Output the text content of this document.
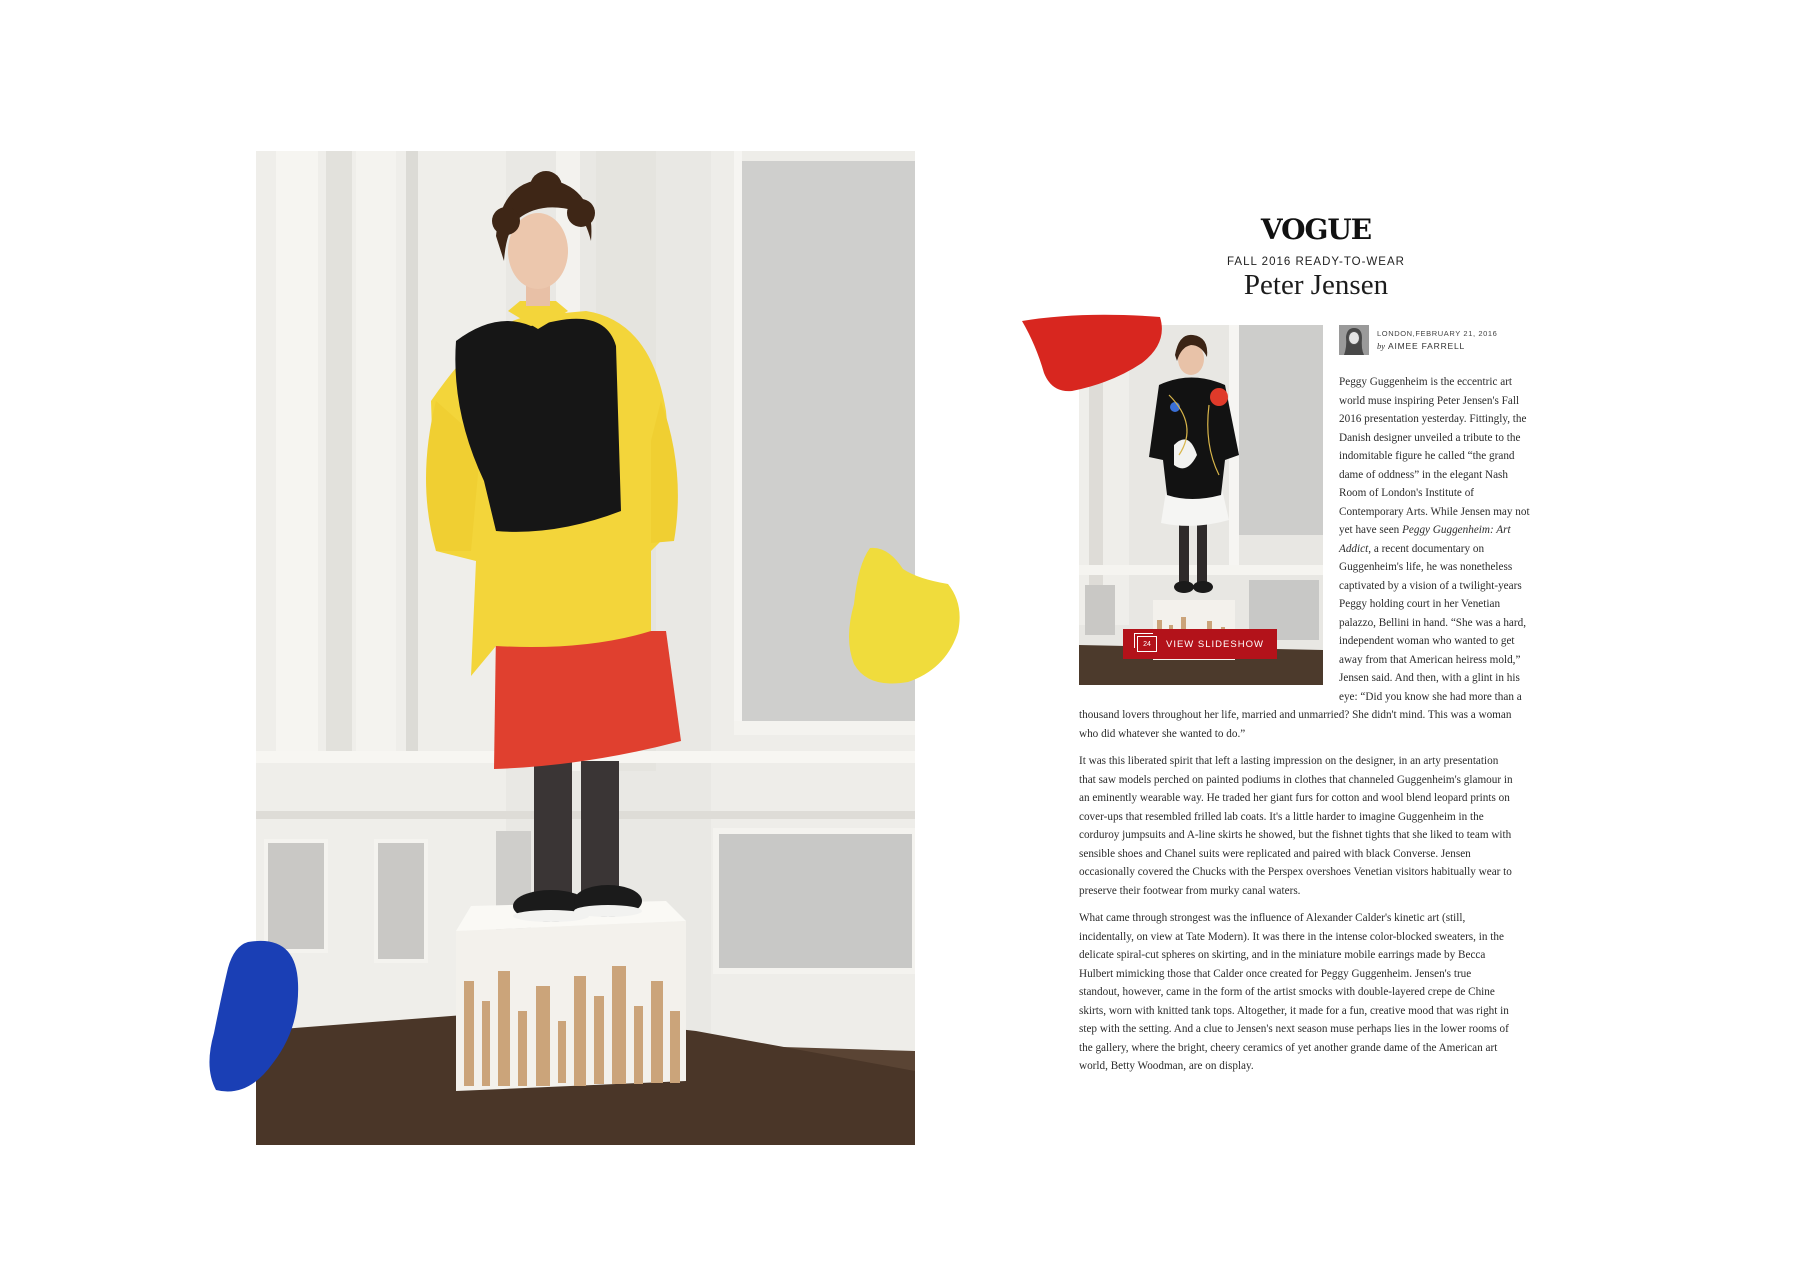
VOGUE
FALL 2016 READY-TO-WEAR
Peter Jensen
24 VIEW SLIDESHOW
LONDON,FEBRUARY 21, 2016
by AIMEE FARRELL
Peggy Guggenheim is the eccentric art
world muse inspiring Peter Jensen's Fall
2016 presentation yesterday. Fittingly, the
Danish designer unveiled a tribute to the
indomitable figure he called “the grand
dame of oddness” in the elegant Nash
Room of London's Institute of
Contemporary Arts. While Jensen may not
yet have seen Peggy Guggenheim: Art
Addict, a recent documentary on
Guggenheim's life, he was nonetheless
captivated by a vision of a twilight-years
Peggy holding court in her Venetian
palazzo, Bellini in hand. “She was a hard,
independent woman who wanted to get
away from that American heiress mold,”
Jensen said. And then, with a glint in his
eye: “Did you know she had more than a
thousand lovers throughout her life, married and unmarried? She didn't mind. This was a woman
who did whatever she wanted to do.”
It was this liberated spirit that left a lasting impression on the designer, in an arty presentation
that saw models perched on painted podiums in clothes that channeled Guggenheim's glamour in
an eminently wearable way. He traded her giant furs for cotton and wool blend leopard prints on
cover-ups that resembled frilled lab coats. It's a little harder to imagine Guggenheim in the
corduroy jumpsuits and A-line skirts he showed, but the fishnet tights that she liked to team with
sensible shoes and Chanel suits were replicated and paired with black Converse. Jensen
occasionally covered the Chucks with the Perspex overshoes Venetian visitors habitually wear to
preserve their footwear from murky canal waters.
What came through strongest was the influence of Alexander Calder's kinetic art (still,
incidentally, on view at Tate Modern). It was there in the intense color-blocked sweaters, in the
delicate spiral-cut spheres on skirting, and in the miniature mobile earrings made by Becca
Hulbert mimicking those that Calder once created for Peggy Guggenheim. Jensen's true
standout, however, came in the form of the artist smocks with double-layered crepe de Chine
skirts, worn with knitted tank tops. Altogether, it made for a fun, creative mood that was right in
step with the setting. And a clue to Jensen's next season muse perhaps lies in the lower rooms of
the gallery, where the bright, cheery ceramics of yet another grande dame of the American art
world, Betty Woodman, are on display.
